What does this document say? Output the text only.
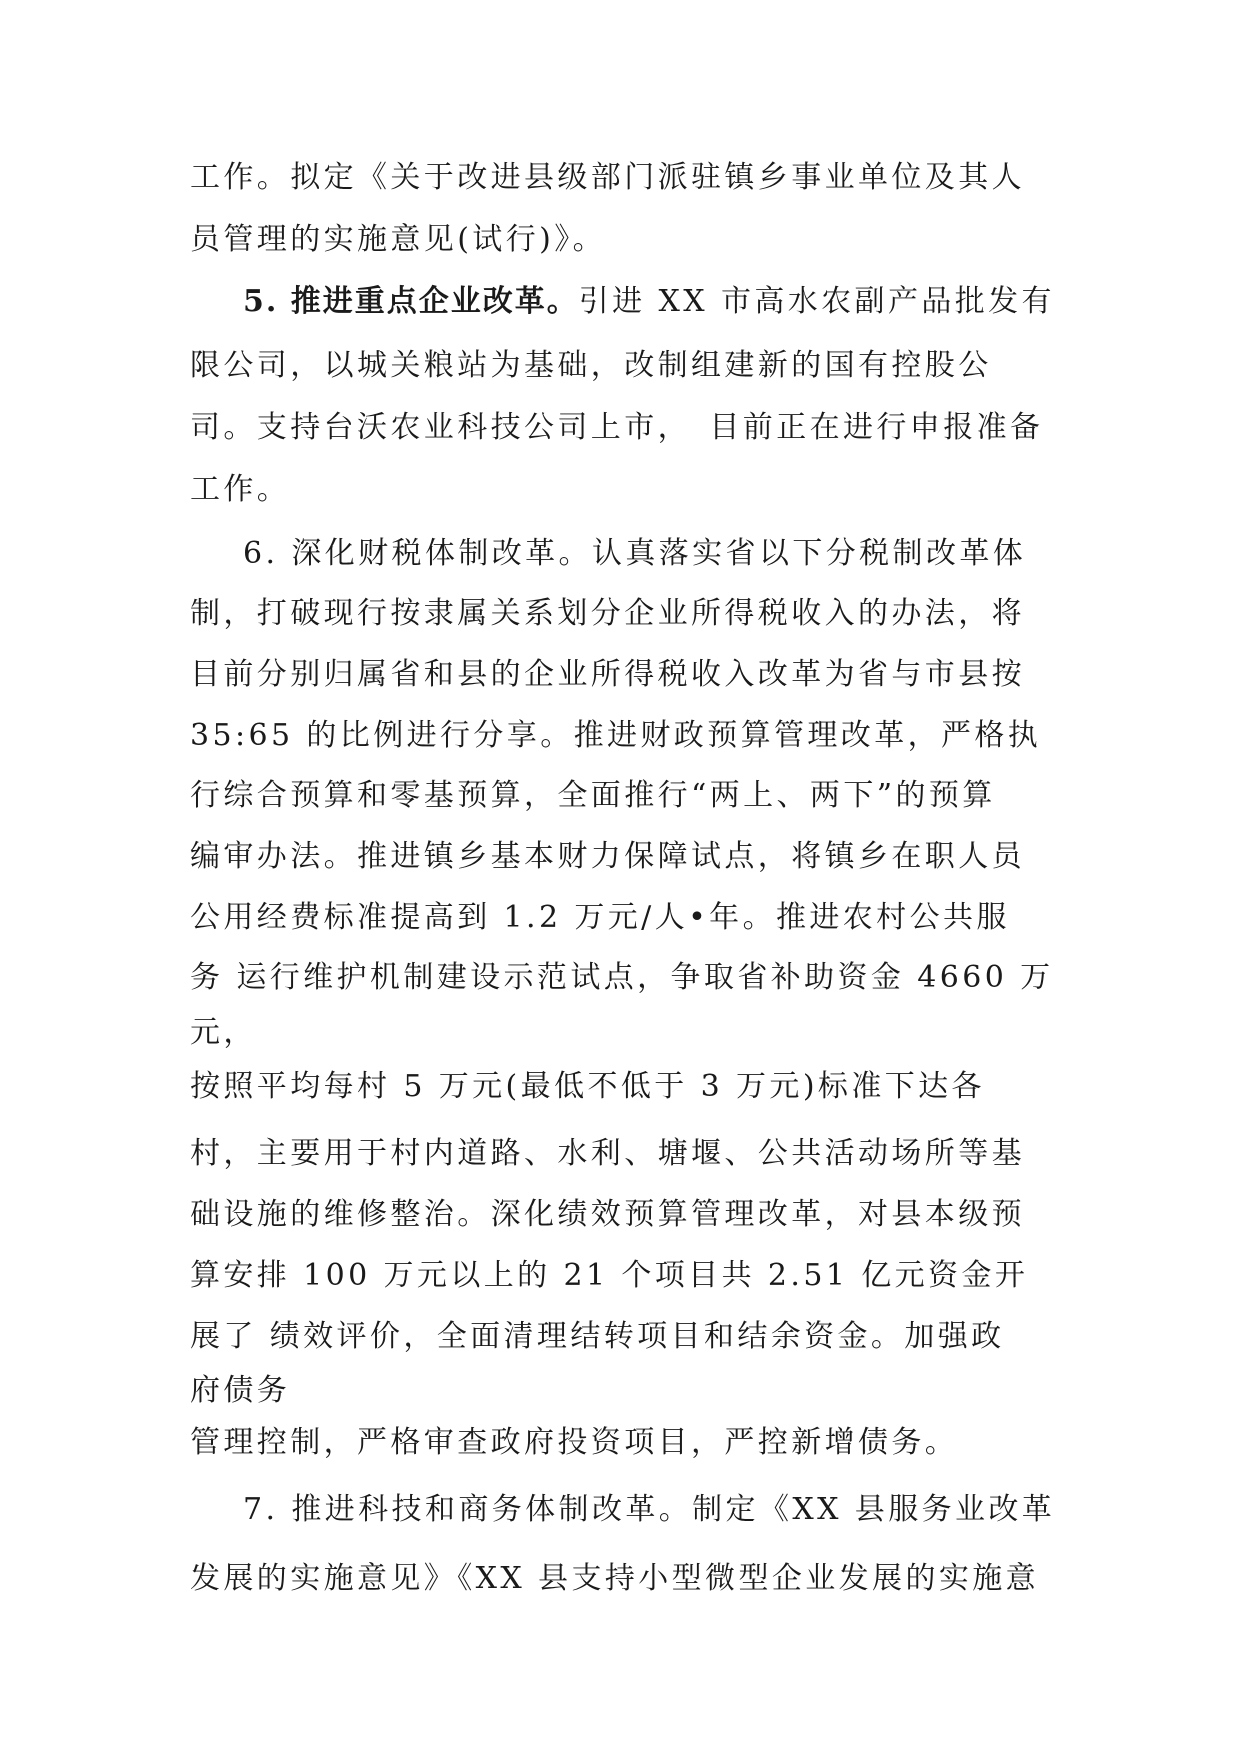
工作。拟定《关于改进县级部门派驻镇乡事业单位及其人

员管理的实施意见(试行)》。

5. 推进重点企业改革。引进 XX 市高水农副产品批发有

限公司，以城关粮站为基础，改制组建新的国有控股公

司。支持台沃农业科技公司上市，　目前正在进行申报准备

工作。

6. 深化财税体制改革。认真落实省以下分税制改革体

制，打破现行按隶属关系划分企业所得税收入的办法，将

目前分别归属省和县的企业所得税收入改革为省与市县按

35:65 的比例进行分享。推进财政预算管理改革，严格执

行综合预算和零基预算，全面推行“两上、两下”的预算

编审办法。推进镇乡基本财力保障试点，将镇乡在职人员

公用经费标准提高到 1.2 万元/人•年。推进农村公共服

务 运行维护机制建设示范试点，争取省补助资金 4660 万

元，

按照平均每村 5 万元(最低不低于 3 万元)标准下达各

村，主要用于村内道路、水利、塘堰、公共活动场所等基

础设施的维修整治。深化绩效预算管理改革，对县本级预

算安排 100 万元以上的 21 个项目共 2.51 亿元资金开

展了 绩效评价，全面清理结转项目和结余资金。加强政

府债务

管理控制，严格审查政府投资项目，严控新增债务。

7. 推进科技和商务体制改革。制定《XX 县服务业改革

发展的实施意见》《XX 县支持小型微型企业发展的实施意
